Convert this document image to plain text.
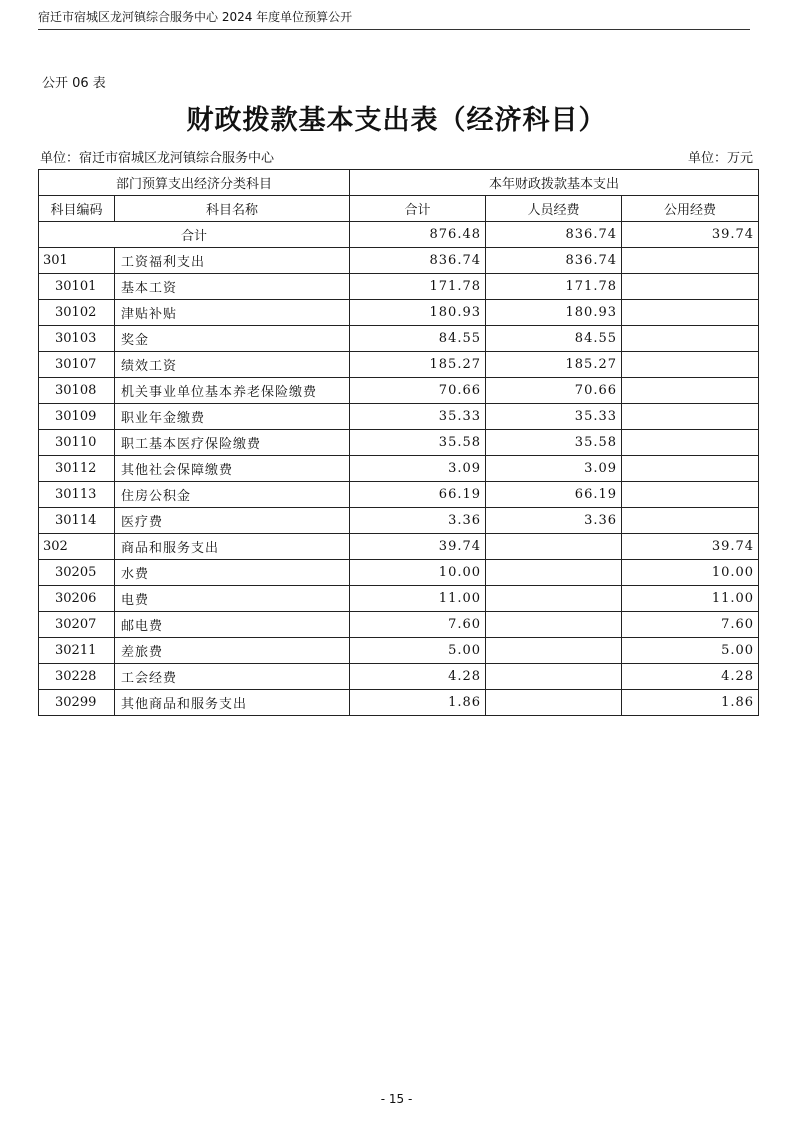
宿迁市宿城区龙河镇综合服务中心 2024 年度单位预算公开
公开 06 表
财政拨款基本支出表（经济科目）
单位：宿迁市宿城区龙河镇综合服务中心	单位：万元
部门预算支出经济分类科目		本年财政拨款基本支出		
科目编码	科目名称	合计	人员经费	公用经费
合计		876.48	836.74	39.74
301	工资福利支出	836.74	836.74	
30101	基本工资	171.78	171.78	
30102	津贴补贴	180.93	180.93	
30103	奖金	84.55	84.55	
30107	绩效工资	185.27	185.27	
30108	机关事业单位基本养老保险缴费	70.66	70.66	
30109	职业年金缴费	35.33	35.33	
30110	职工基本医疗保险缴费	35.58	35.58	
30112	其他社会保障缴费	3.09	3.09	
30113	住房公积金	66.19	66.19	
30114	医疗费	3.36	3.36	
302	商品和服务支出	39.74		39.74
30205	水费	10.00		10.00
30206	电费	11.00		11.00
30207	邮电费	7.60		7.60
30211	差旅费	5.00		5.00
30228	工会经费	4.28		4.28
30299	其他商品和服务支出	1.86		1.86
- 15 -
